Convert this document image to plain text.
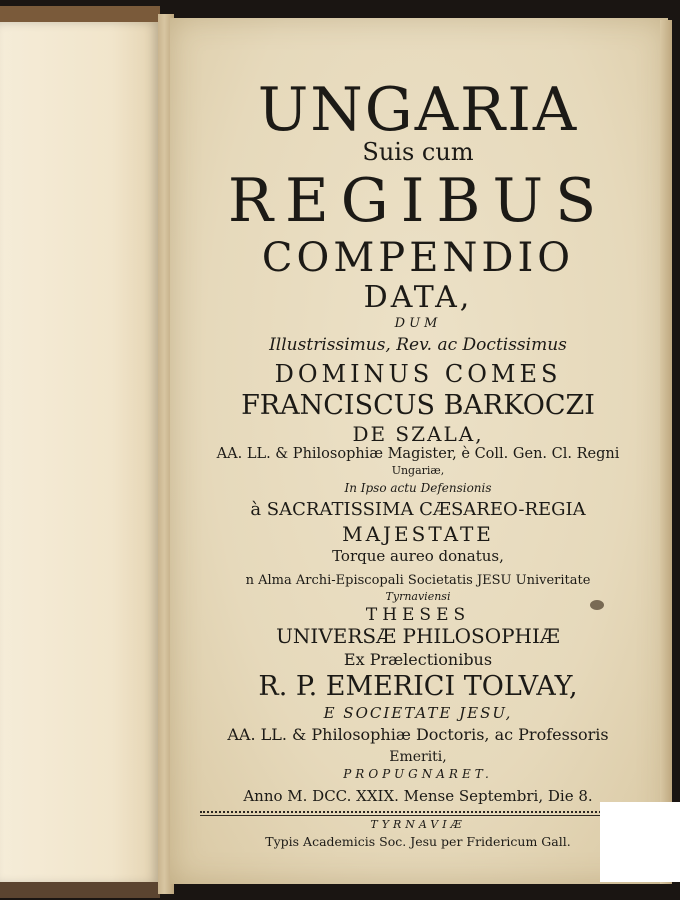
UNGARIA
Suis cum
REGIBUS
COMPENDIO
DATA,
DUM
Illustrissimus, Rev. ac Doctissimus
DOMINUS COMES
FRANCISCUS BARKOCZI
DE SZALA,
AA. LL. & Philosophiæ Magister, è Coll. Gen. Cl. Regni
Ungariæ,
In Ipso actu Defensionis
à SACRATISSIMA CÆSAREO-REGIA
MAJESTATE
Torque aureo donatus,
n Alma Archi-Episcopali Societatis JESU Univeritate
Tyrnaviensi
THESES
UNIVERSÆ PHILOSOPHIÆ
Ex Prælectionibus
R. P. EMERICI TOLVAY,
E SOCIETATE JESU,
AA. LL. & Philosophiæ Doctoris, ac Professoris
Emeriti,
PROPUGNARET.
Anno M. DCC. XXIX. Mense Septembri, Die 8.
TYRNAVIÆ
Typis Academicis Soc. Jesu per Fridericum Gall.
